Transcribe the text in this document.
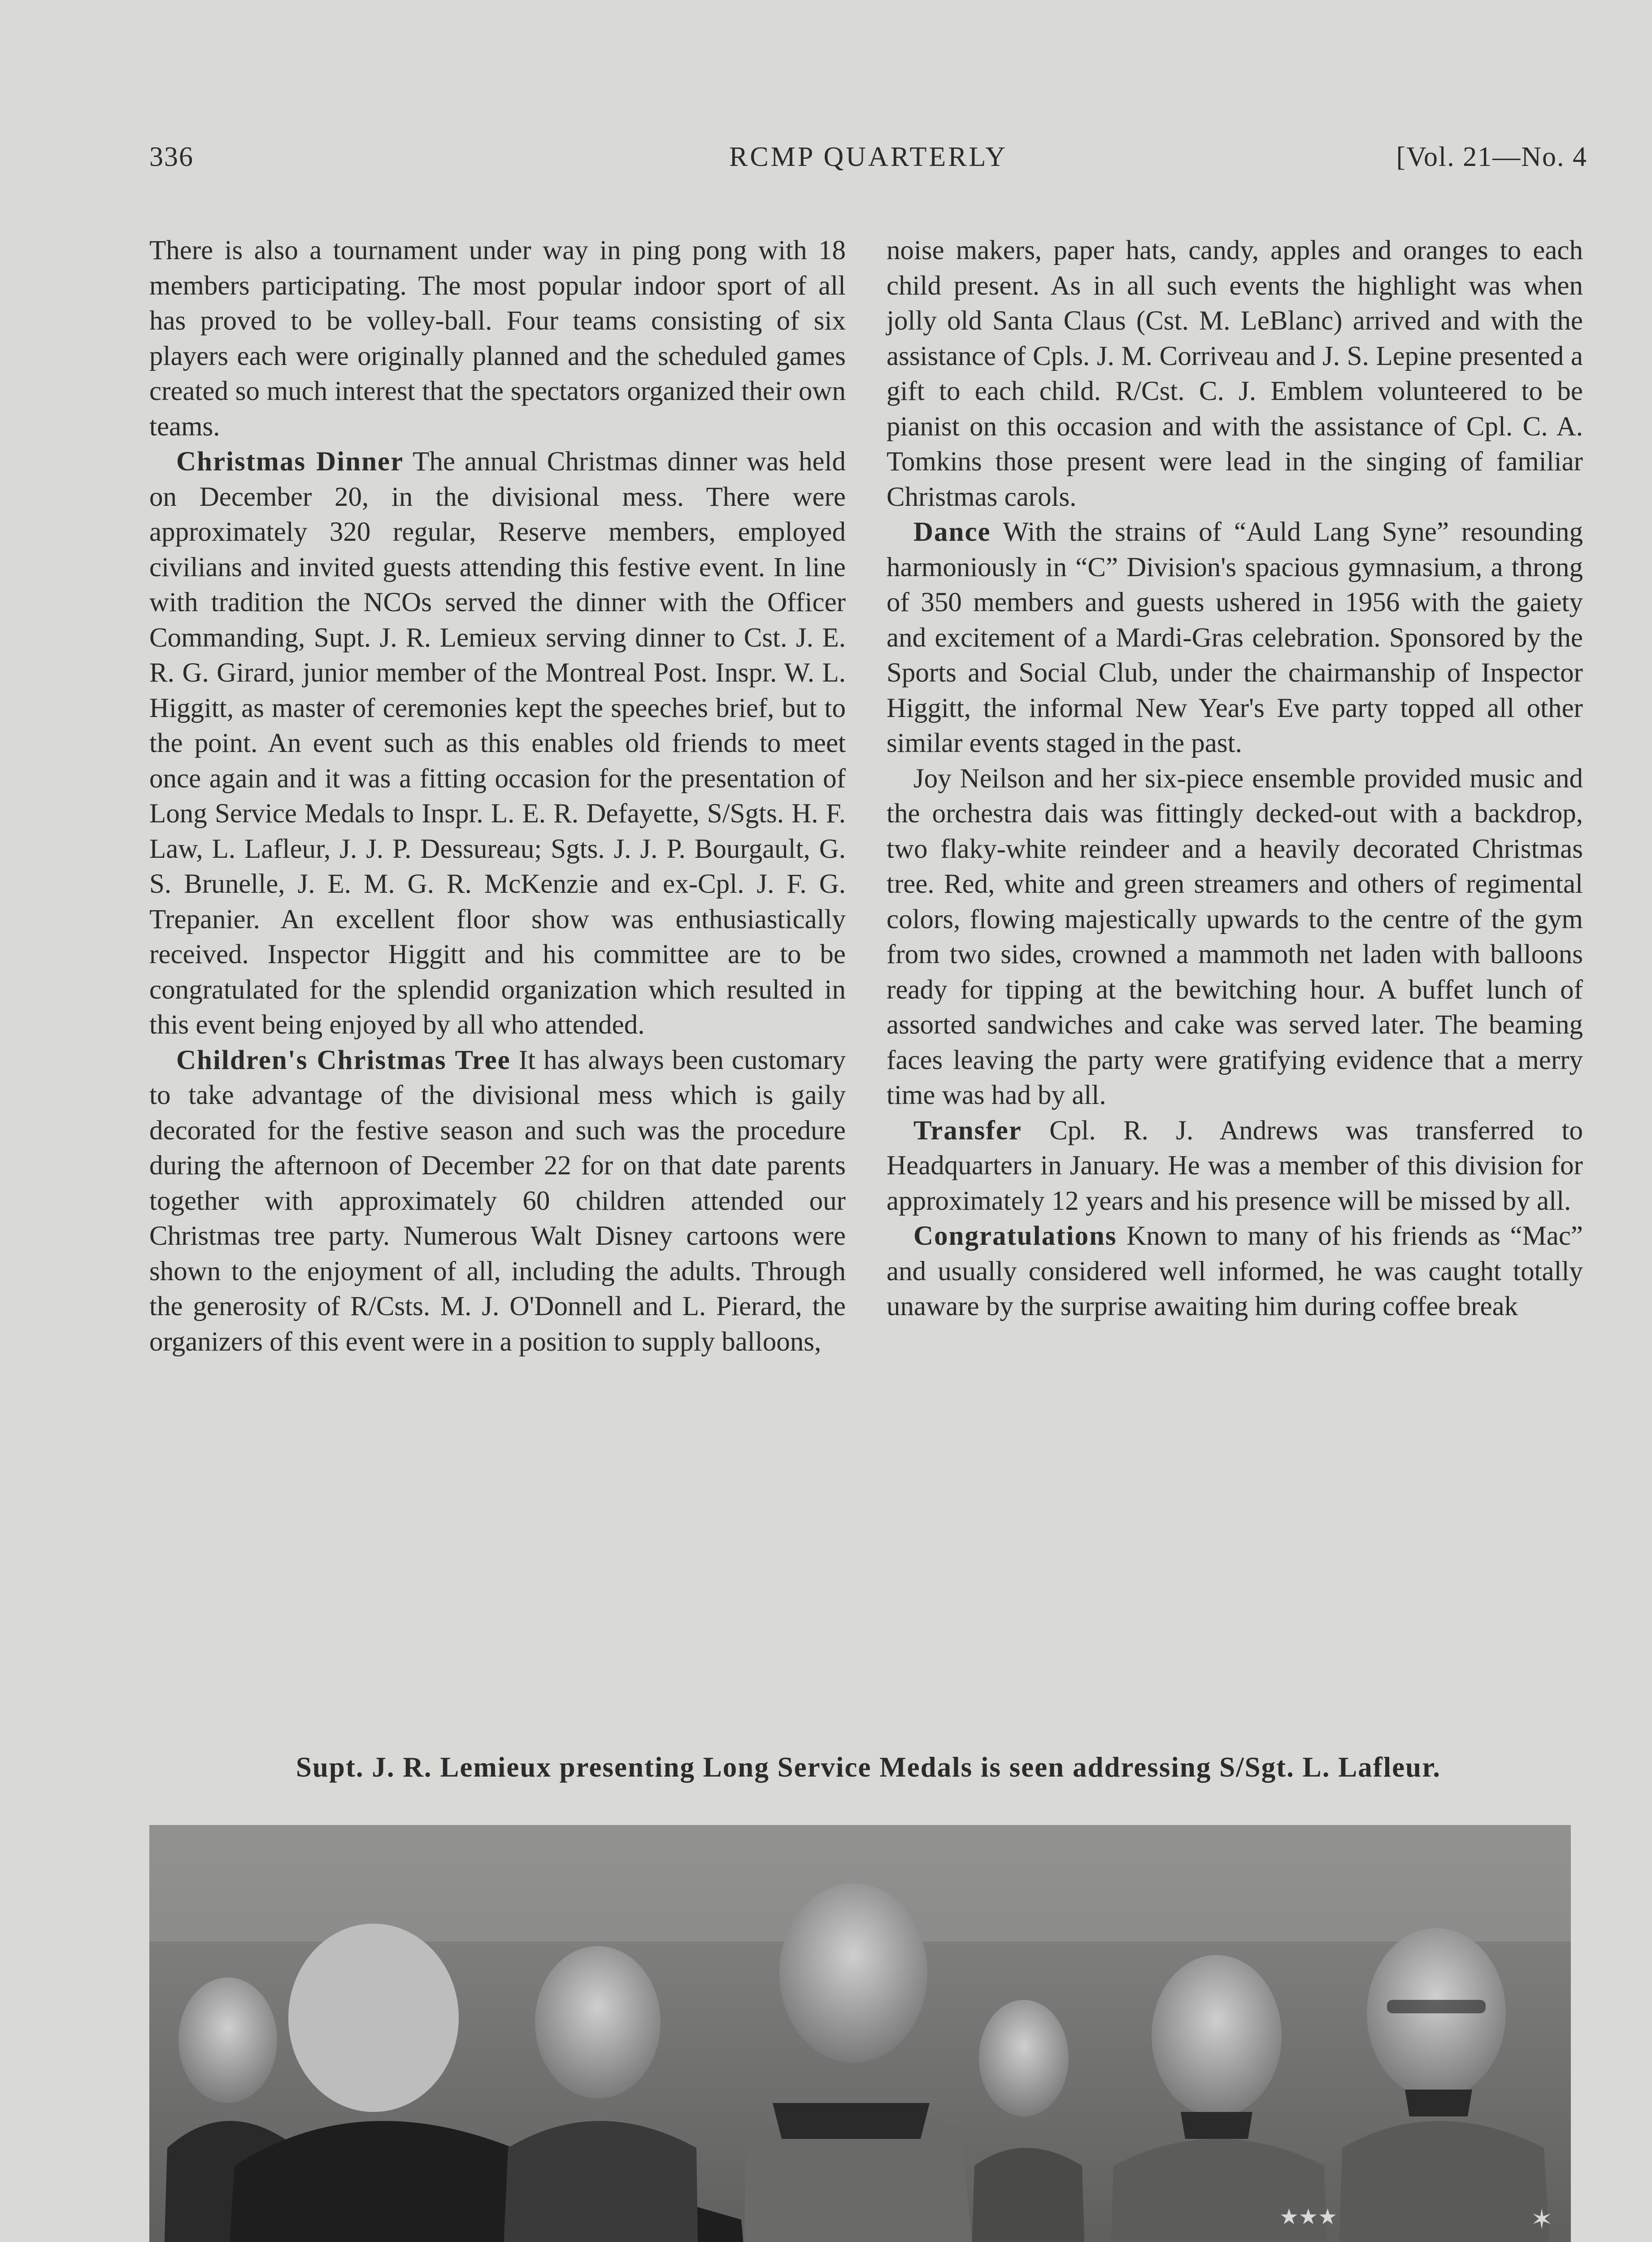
336	RCMP QUARTERLY	[Vol. 21—No. 4

There is also a tournament under way in ping pong with 18 members participating. The most popular indoor sport of all has proved to be volley-ball. Four teams consisting of six players each were originally planned and the scheduled games created so much interest that the spectators organized their own teams.

Christmas Dinner The annual Christmas dinner was held on December 20, in the divisional mess. There were approximately 320 regular, Reserve members, employed civilians and invited guests attending this festive event. In line with tradition the NCOs served the dinner with the Officer Commanding, Supt. J. R. Lemieux serving dinner to Cst. J. E. R. G. Girard, junior member of the Montreal Post. Inspr. W. L. Higgitt, as master of ceremonies kept the speeches brief, but to the point. An event such as this enables old friends to meet once again and it was a fitting occasion for the presentation of Long Service Medals to Inspr. L. E. R. Defayette, S/Sgts. H. F. Law, L. Lafleur, J. J. P. Dessureau; Sgts. J. J. P. Bourgault, G. S. Brunelle, J. E. M. G. R. McKenzie and ex-Cpl. J. F. G. Trepanier. An excellent floor show was enthusiastically received. Inspector Higgitt and his committee are to be congratulated for the splendid organization which resulted in this event being enjoyed by all who attended.

Children's Christmas Tree It has always been customary to take advantage of the divisional mess which is gaily decorated for the festive season and such was the procedure during the afternoon of December 22 for on that date parents together with approximately 60 children attended our Christmas tree party. Numerous Walt Disney cartoons were shown to the enjoyment of all, including the adults. Through the generosity of R/Csts. M. J. O'Donnell and L. Pierard, the organizers of this event were in a position to supply balloons,

noise makers, paper hats, candy, apples and oranges to each child present. As in all such events the highlight was when jolly old Santa Claus (Cst. M. LeBlanc) arrived and with the assistance of Cpls. J. M. Corriveau and J. S. Lepine presented a gift to each child. R/Cst. C. J. Emblem volunteered to be pianist on this occasion and with the assistance of Cpl. C. A. Tomkins those present were lead in the singing of familiar Christmas carols.

Dance With the strains of “Auld Lang Syne” resounding harmoniously in “C” Division's spacious gymnasium, a throng of 350 members and guests ushered in 1956 with the gaiety and excitement of a Mardi-Gras celebration. Sponsored by the Sports and Social Club, under the chairmanship of Inspector Higgitt, the informal New Year's Eve party topped all other similar events staged in the past.

Joy Neilson and her six-piece ensemble provided music and the orchestra dais was fittingly decked-out with a backdrop, two flaky-white reindeer and a heavily decorated Christmas tree. Red, white and green streamers and others of regimental colors, flowing majestically upwards to the centre of the gym from two sides, crowned a mammoth net laden with balloons ready for tipping at the bewitching hour. A buffet lunch of assorted sandwiches and cake was served later. The beaming faces leaving the party were gratifying evidence that a merry time was had by all.

Transfer Cpl. R. J. Andrews was transferred to Headquarters in January. He was a member of this division for approximately 12 years and his presence will be missed by all.

Congratulations Known to many of his friends as “Mac” and usually considered well informed, he was caught totally unaware by the surprise awaiting him during coffee break

Supt. J. R. Lemieux presenting Long Service Medals is seen addressing S/Sgt. L. Lafleur.
★★★	✶
